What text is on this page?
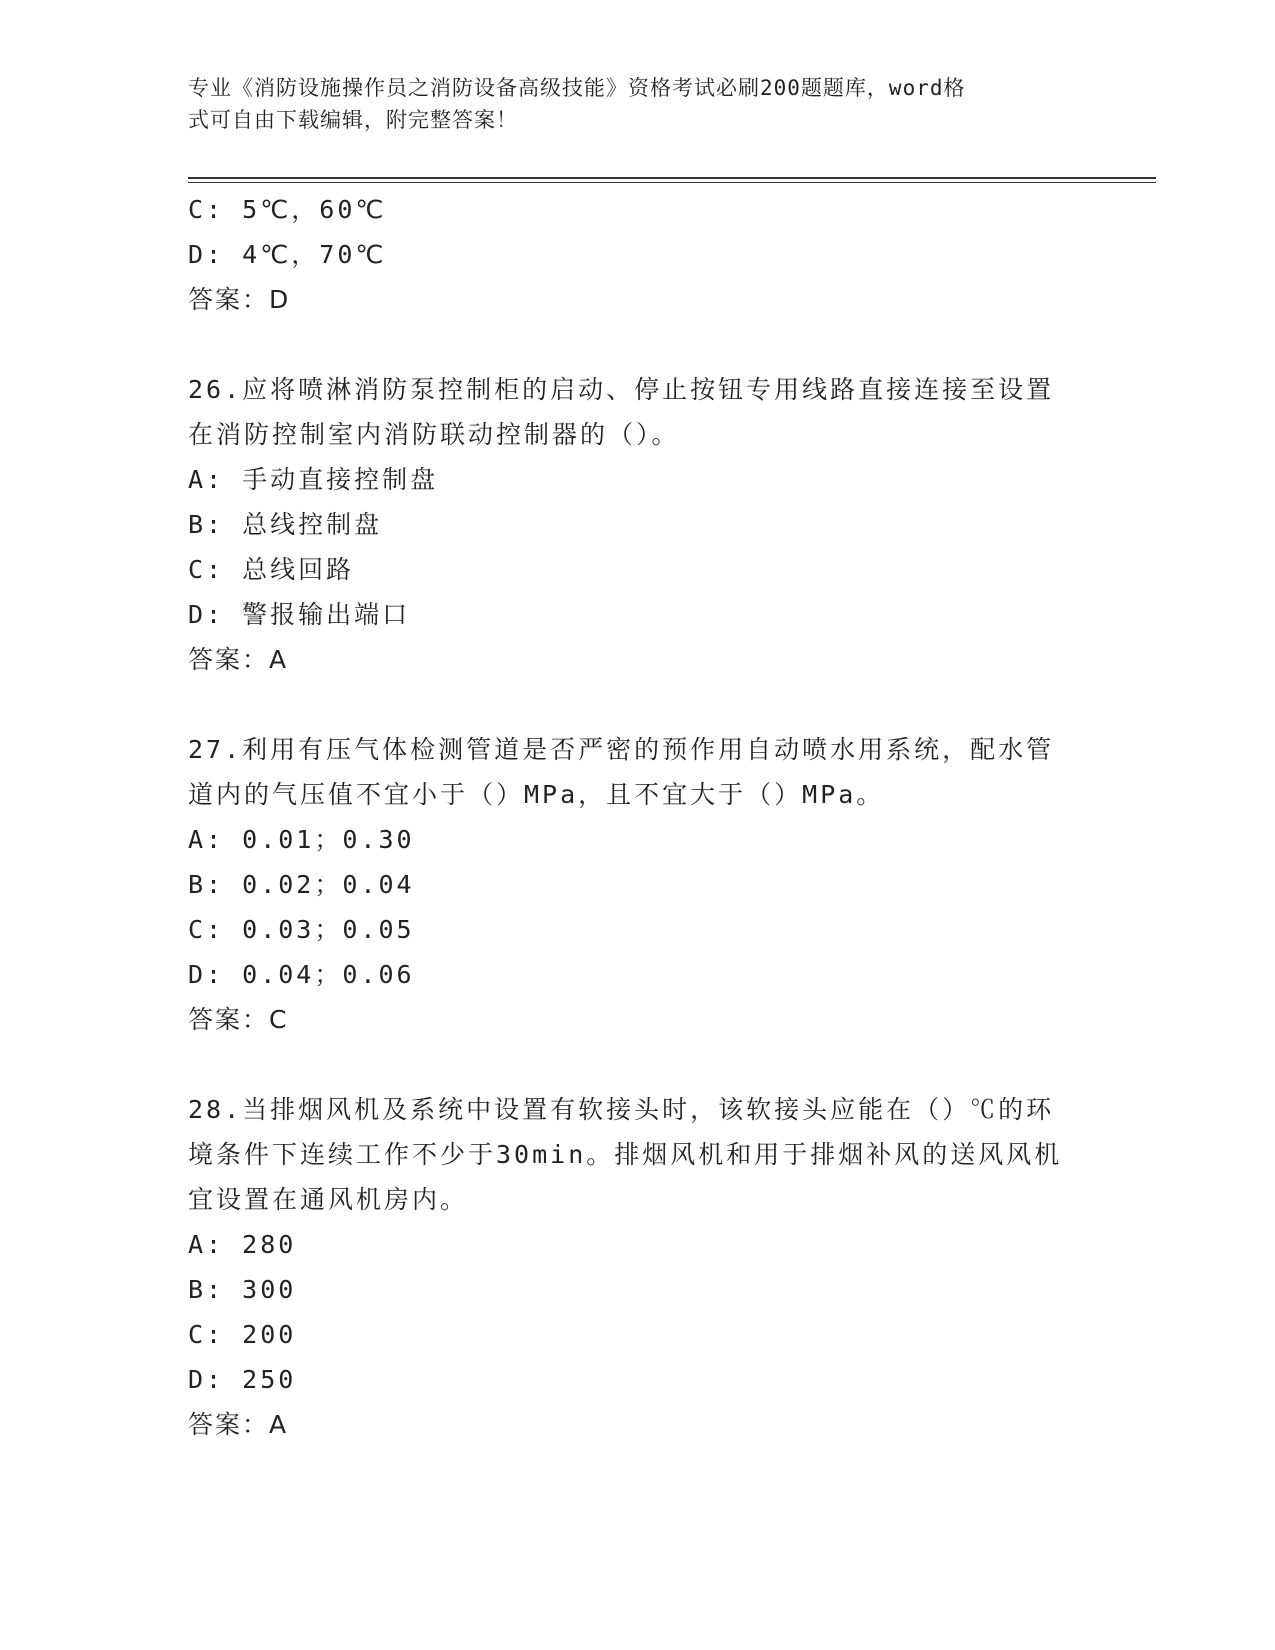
专业《消防设施操作员之消防设备高级技能》资格考试必刷200题题库，word格
式可自由下载编辑，附完整答案！
C: 5℃，60℃
D: 4℃，70℃
答案：D
26.应将喷淋消防泵控制柜的启动、停止按钮专用线路直接连接至设置
在消防控制室内消防联动控制器的（）。
A: 手动直接控制盘
B: 总线控制盘
C: 总线回路
D: 警报输出端口
答案：A
27.利用有压气体检测管道是否严密的预作用自动喷水用系统，配水管
道内的气压值不宜小于（）MPa，且不宜大于（）MPa。
A: 0.01；0.30
B: 0.02；0.04
C: 0.03；0.05
D: 0.04；0.06
答案：C
28.当排烟风机及系统中设置有软接头时，该软接头应能在（）℃的环
境条件下连续工作不少于30min。排烟风机和用于排烟补风的送风风机
宜设置在通风机房内。
A: 280
B: 300
C: 200
D: 250
答案：A
